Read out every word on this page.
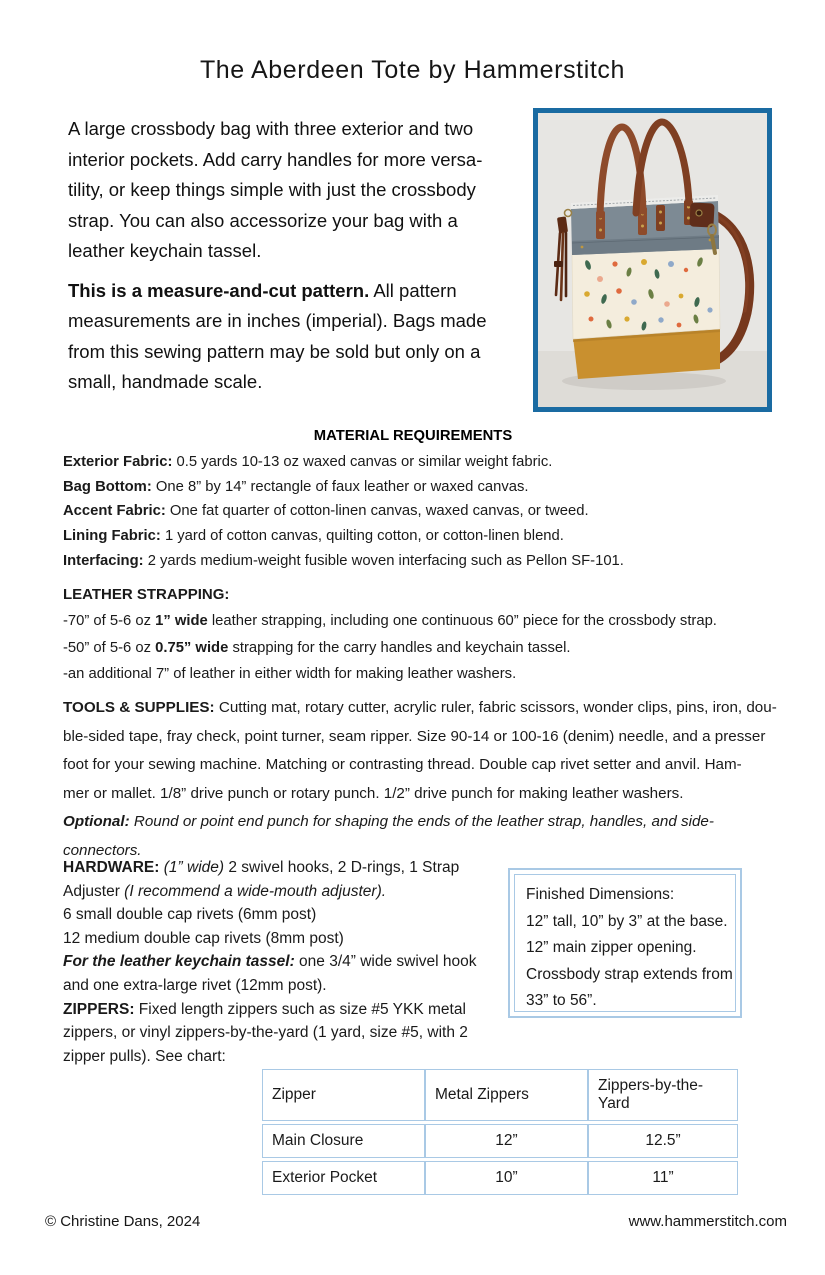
The Aberdeen Tote by Hammerstitch
A large crossbody bag with three exterior and two
interior pockets. Add carry handles for more versa-
tility, or keep things simple with just the crossbody
strap. You can also accessorize your bag with a
leather keychain tassel.
This is a measure-and-cut pattern. All pattern
measurements are in inches (imperial). Bags made
from this sewing pattern may be sold but only on a
small, handmade scale.
MATERIAL REQUIREMENTS
Exterior Fabric: 0.5 yards 10-13 oz waxed canvas or similar weight fabric.
Bag Bottom: One 8” by 14” rectangle of faux leather or waxed canvas.
Accent Fabric: One fat quarter of cotton-linen canvas, waxed canvas, or tweed.
Lining Fabric: 1 yard of cotton canvas, quilting cotton, or cotton-linen blend.
Interfacing: 2 yards medium-weight fusible woven interfacing such as Pellon SF-101.
LEATHER STRAPPING:
-70” of 5-6 oz 1” wide leather strapping, including one continuous 60” piece for the crossbody strap.
-50” of 5-6 oz 0.75” wide strapping for the carry handles and keychain tassel.
-an additional 7” of leather in either width for making leather washers.
TOOLS & SUPPLIES: Cutting mat, rotary cutter, acrylic ruler, fabric scissors, wonder clips, pins, iron, dou-
ble-sided tape, fray check, point turner, seam ripper. Size 90-14 or 100-16 (denim) needle, and a presser
foot for your sewing machine. Matching or contrasting thread. Double cap rivet setter and anvil. Ham-
mer or mallet. 1/8” drive punch or rotary punch. 1/2” drive punch for making leather washers.
Optional: Round or point end punch for shaping the ends of the leather strap, handles, and side-
connectors.
HARDWARE: (1” wide) 2 swivel hooks, 2 D-rings, 1 Strap
Adjuster (I recommend a wide-mouth adjuster).
6 small double cap rivets (6mm post)
12 medium double cap rivets (8mm post)
For the leather keychain tassel: one 3/4” wide swivel hook
and one extra-large rivet (12mm post).
ZIPPERS: Fixed length zippers such as size #5 YKK metal
zippers, or vinyl zippers-by-the-yard (1 yard, size #5, with 2
zipper pulls). See chart:
Finished Dimensions:
12” tall, 10” by 3” at the base.
12” main zipper opening.
Crossbody strap extends from
33” to 56”.
Zipper	Metal Zippers	Zippers-by-the-Yard
Main Closure	12”	12.5”
Exterior Pocket	10”	11”
© Christine Dans, 2024	www.hammerstitch.com
